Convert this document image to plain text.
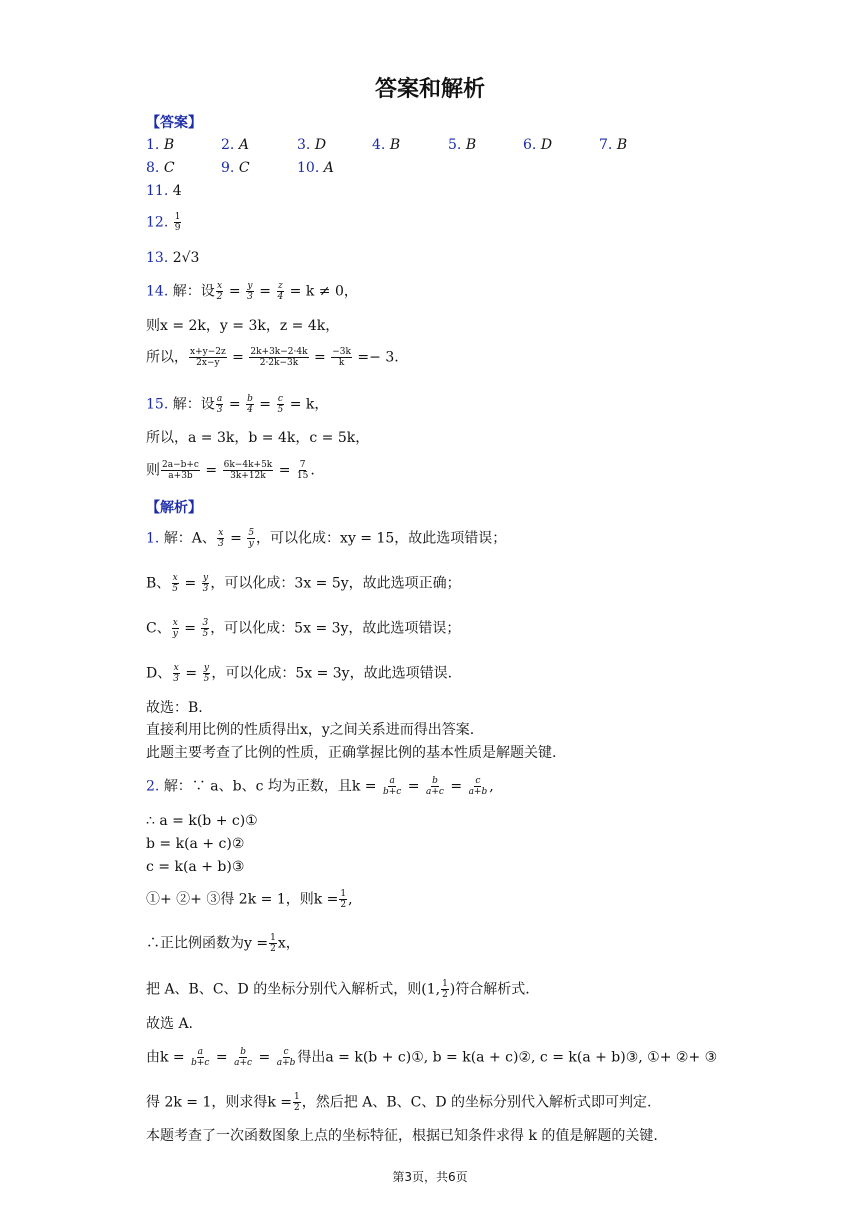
答案和解析
【答案】
1. B	2. A	3. D	4. B	5. B	6. D	7. B
8. C	9. C	10. A
11. 4
12. $\frac{1}{9}$
13. 2√3
14. 解：设 $\frac{x}{2} = \frac{y}{3} = \frac{z}{4} = k \ne 0$，
则x = 2k，y = 3k，z = 4k，
所以， $\frac{x+y-2z}{2x-y} = \frac{2k+3k-2\cdot 4k}{2\cdot 2k-3k} = \frac{-3k}{k} =- 3$.
15. 解：设 $\frac{a}{3} = \frac{b}{4} = \frac{c}{5} = k$，
所以，a = 3k，b = 4k，c = 5k，
则 $\frac{2a-b+c}{a+3b} = \frac{6k-4k+5k}{3k+12k} = \frac{7}{15}$ .
【解析】
1. 解：A、 $\frac{x}{3} = \frac{5}{y}$ ，可以化成：xy = 15，故此选项错误；
B、 $\frac{x}{5} = \frac{y}{3}$ ，可以化成：3x = 5y，故此选项正确；
C、 $\frac{x}{y} = \frac{3}{5}$ ，可以化成：5x = 3y，故此选项错误；
D、 $\frac{x}{3} = \frac{y}{5}$ ，可以化成：5x = 3y，故此选项错误.
故选：B.
直接利用比例的性质得出x，y之间关系进而得出答案.
此题主要考查了比例的性质，正确掌握比例的基本性质是解题关键.
2. 解：∵ a、b、c 均为正数，且$k = \frac{a}{b+c} = \frac{b}{a+c} = \frac{c}{a+b}$ ,
∴ a = k(b + c)①
b = k(a + c)②
c = k(a + b)③
①+ ②+ ③得 2k = 1，则$k = \frac{1}{2}$ ,
∴正比例函数为$y = \frac{1}{2}$ x，
把 A、B、C、D 的坐标分别代入解析式，则(1, $\frac{1}{2}$ )符合解析式.
故选 A.
由$k = \frac{a}{b+c} = \frac{b}{a+c} = \frac{c}{a+b}$ 得出a = k(b + c)①, b = k(a + c)②, c = k(a + b)③, ①+ ②+ ③
得 2k = 1，则求得$k = \frac{1}{2}$ ，然后把 A、B、C、D 的坐标分别代入解析式即可判定.
本题考查了一次函数图象上点的坐标特征，根据已知条件求得 k 的值是解题的关键.
第3页，共6页
